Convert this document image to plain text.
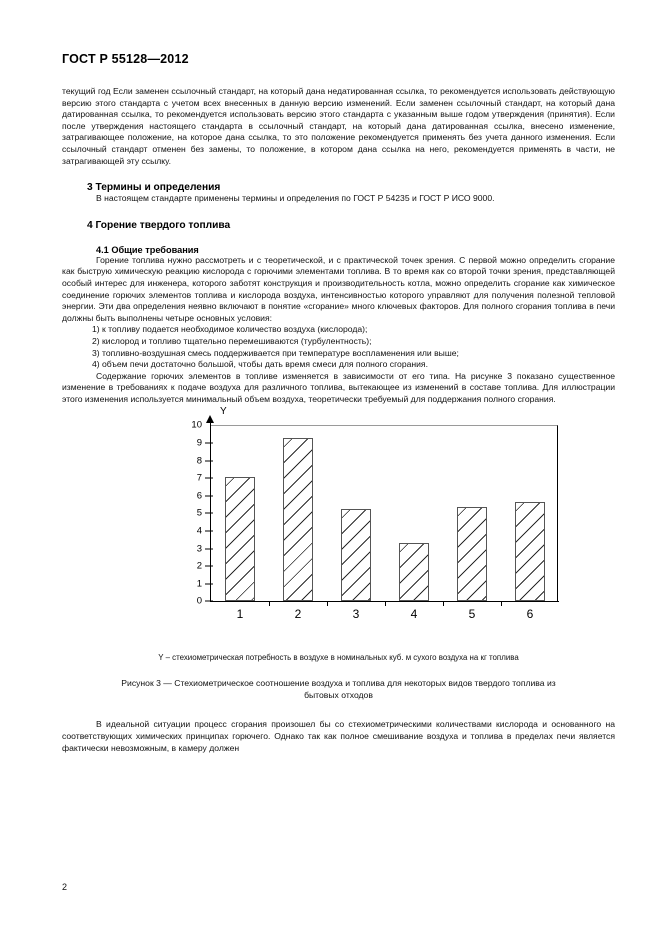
ГОСТ Р 55128—2012

текущий год Если заменен ссылочный стандарт, на который дана недатированная ссылка, то рекомендуется использовать действующую версию этого стандарта с учетом всех внесенных в данную версию изменений. Если заменен ссылочный стандарт, на который дана датированная ссылка, то рекомендуется использовать версию этого стандарта с указанным выше годом утверждения (принятия). Если после утверждения настоящего стандарта в ссылочный стандарт, на который дана датированная ссылка, внесено изменение, затрагивающее положение, на которое дана ссылка, то это положение рекомендуется применять без учета данного изменения. Если ссылочный стандарт отменен без замены, то положение, в котором дана ссылка на него, рекомендуется применять в части, не затрагивающей эту ссылку.

3 Термины и определения

В настоящем стандарте применены термины и определения по ГОСТ Р 54235 и ГОСТ Р ИСО 9000.

4 Горение твердого топлива
4.1 Общие требования

Горение топлива нужно рассмотреть и с теоретической, и с практической точек зрения. С первой можно определить сгорание как быструю химическую реакцию кислорода с горючими элементами топлива. В то время как со второй точки зрения, представляющей особый интерес для инженера, которого заботят конструкция и производительность котла, можно определить сгорание как химическое соединение горючих элементов топлива и кислорода воздуха, интенсивностью которого управляют для получения полезной тепловой энергии. Эти два определения неявно включают в понятие «сгорание» много ключевых факторов. Для полного сгорания топлива в печи должны быть выполнены четыре основных условия:

1) к топливу подается необходимое количество воздуха (кислорода);
2) кислород и топливо тщательно перемешиваются (турбулентность);
3) топливно-воздушная смесь поддерживается при температуре воспламенения или выше;
4) объем печи достаточно большой, чтобы дать время смеси для полного сгорания.

Содержание горючих элементов в топливе изменяется в зависимости от его типа. На рисунке 3 показано существенное изменение в требованиях к подаче воздуха для различного топлива, вытекающее из изменений в составе топлива. Для иллюстрации этого изменения используется минимальный объем воздуха, теоретически требуемый для поддержания полного сгорания.

Y
0
1
2
3
4
5
6
7
8
9
10
1	2	3	4	5	6
Y – стехиометрическая потребность в воздухе в номинальных куб. м сухого воздуха на кг топлива
Рисунок 3 — Стехиометрическое соотношение воздуха и топлива для некоторых видов твердого топлива из бытовых отходов

В идеальной ситуации процесс сгорания произошел бы со стехиометрическими количествами кислорода и основанного на соответствующих химических принципах горючего. Однако так как полное смешивание воздуха и топлива в пределах печи является фактически невозможным, в камеру должен

2
